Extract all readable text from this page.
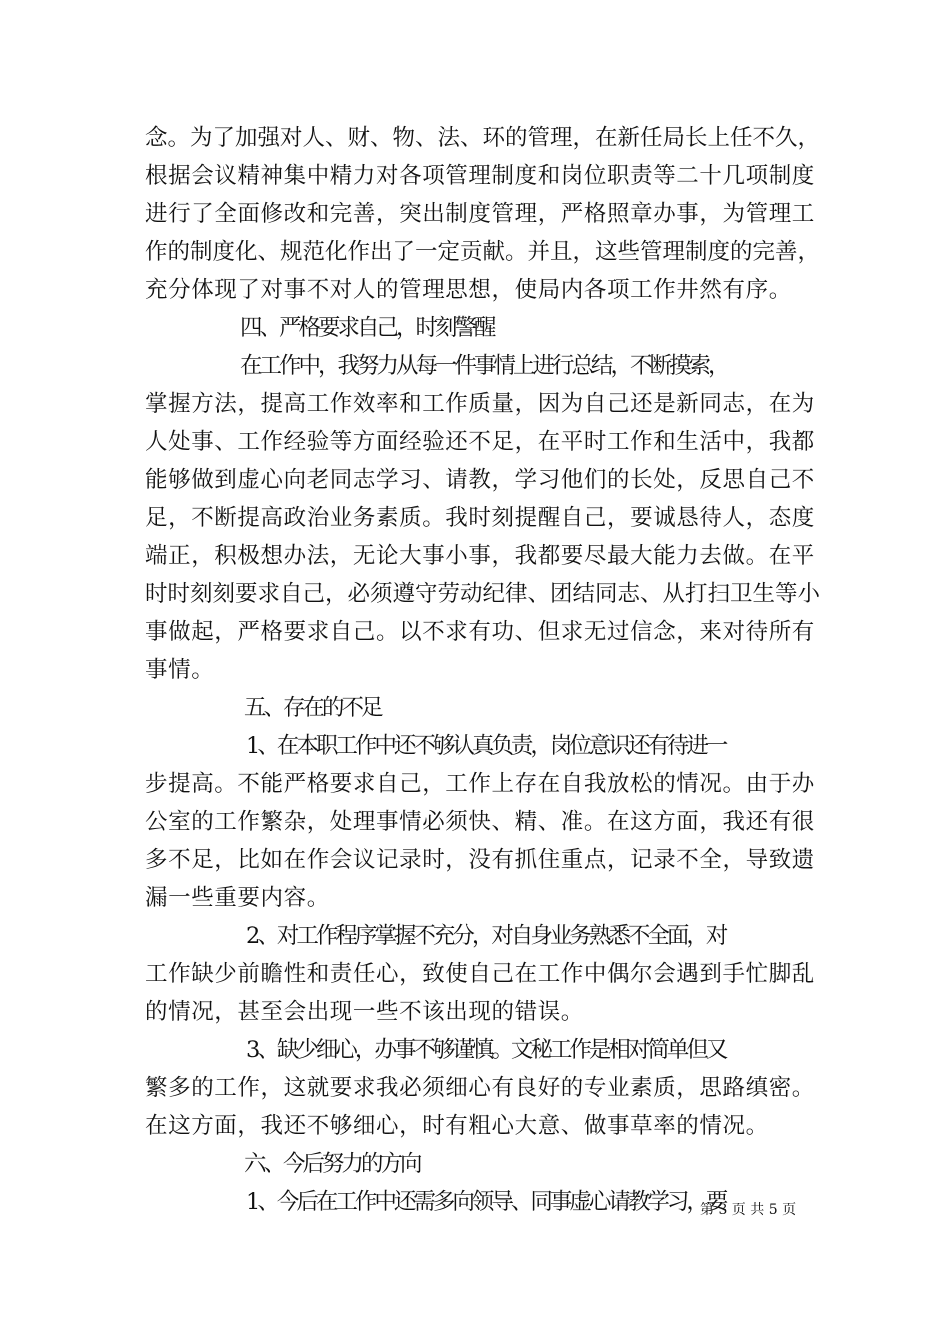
念。为了加强对人、财、物、法、环的管理，在新任局长上任不久，
根据会议精神集中精力对各项管理制度和岗位职责等二十几项制度
进行了全面修改和完善，突出制度管理，严格照章办事，为管理工
作的制度化、规范化作出了一定贡献。并且，这些管理制度的完善，
充分体现了对事不对人的管理思想，使局内各项工作井然有序。
四、严格要求自己，时刻警醒
在工作中，我努力从每一件事情上进行总结，不断摸索，
掌握方法，提高工作效率和工作质量，因为自己还是新同志，在为
人处事、工作经验等方面经验还不足，在平时工作和生活中，我都
能够做到虚心向老同志学习、请教，学习他们的长处，反思自己不
足，不断提高政治业务素质。我时刻提醒自己，要诚恳待人，态度
端正，积极想办法，无论大事小事，我都要尽最大能力去做。在平
时时刻刻要求自己，必须遵守劳动纪律、团结同志、从打扫卫生等小
事做起，严格要求自己。以不求有功、但求无过信念，来对待所有
事情。
五、存在的不足
1、在本职工作中还不够认真负责，岗位意识还有待进一
步提高。不能严格要求自己，工作上存在自我放松的情况。由于办
公室的工作繁杂，处理事情必须快、精、准。在这方面，我还有很
多不足，比如在作会议记录时，没有抓住重点，记录不全，导致遗
漏一些重要内容。
2、对工作程序掌握不充分，对自身业务熟悉不全面，对
工作缺少前瞻性和责任心，致使自己在工作中偶尔会遇到手忙脚乱
的情况，甚至会出现一些不该出现的错误。
3、缺少细心，办事不够谨慎。文秘工作是相对简单但又
繁多的工作，这就要求我必须细心有良好的专业素质，思路缜密。
在这方面，我还不够细心，时有粗心大意、做事草率的情况。
六、今后努力的方向
1、今后在工作中还需多向领导、同事虚心请教学习，要
第 3 页 共 5 页
